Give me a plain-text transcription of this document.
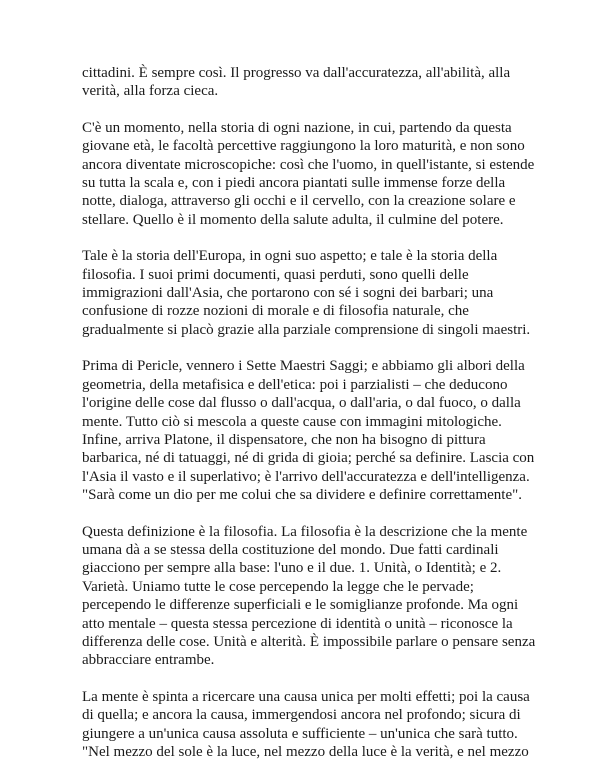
cittadini. È sempre così. Il progresso va dall'accuratezza, all'abilità, alla
verità, alla forza cieca.

C'è un momento, nella storia di ogni nazione, in cui, partendo da questa
giovane età, le facoltà percettive raggiungono la loro maturità, e non sono
ancora diventate microscopiche: così che l'uomo, in quell'istante, si estende
su tutta la scala e, con i piedi ancora piantati sulle immense forze della
notte, dialoga, attraverso gli occhi e il cervello, con la creazione solare e
stellare. Quello è il momento della salute adulta, il culmine del potere.

Tale è la storia dell'Europa, in ogni suo aspetto; e tale è la storia della
filosofia. I suoi primi documenti, quasi perduti, sono quelli delle
immigrazioni dall'Asia, che portarono con sé i sogni dei barbari; una
confusione di rozze nozioni di morale e di filosofia naturale, che
gradualmente si placò grazie alla parziale comprensione di singoli maestri.

Prima di Pericle, vennero i Sette Maestri Saggi; e abbiamo gli albori della
geometria, della metafisica e dell'etica: poi i parzialisti – che deducono
l'origine delle cose dal flusso o dall'acqua, o dall'aria, o dal fuoco, o dalla
mente. Tutto ciò si mescola a queste cause con immagini mitologiche.
Infine, arriva Platone, il dispensatore, che non ha bisogno di pittura
barbarica, né di tatuaggi, né di grida di gioia; perché sa definire. Lascia con
l'Asia il vasto e il superlativo; è l'arrivo dell'accuratezza e dell'intelligenza.
"Sarà come un dio per me colui che sa dividere e definire correttamente".

Questa definizione è la filosofia. La filosofia è la descrizione che la mente
umana dà a se stessa della costituzione del mondo. Due fatti cardinali
giacciono per sempre alla base: l'uno e il due. 1. Unità, o Identità; e 2.
Varietà. Uniamo tutte le cose percependo la legge che le pervade;
percependo le differenze superficiali e le somiglianze profonde. Ma ogni
atto mentale – questa stessa percezione di identità o unità – riconosce la
differenza delle cose. Unità e alterità. È impossibile parlare o pensare senza
abbracciare entrambe.

La mente è spinta a ricercare una causa unica per molti effetti; poi la causa
di quella; e ancora la causa, immergendosi ancora nel profondo; sicura di
giungere a un'unica causa assoluta e sufficiente – un'unica che sarà tutto.
"Nel mezzo del sole è la luce, nel mezzo della luce è la verità, e nel mezzo
